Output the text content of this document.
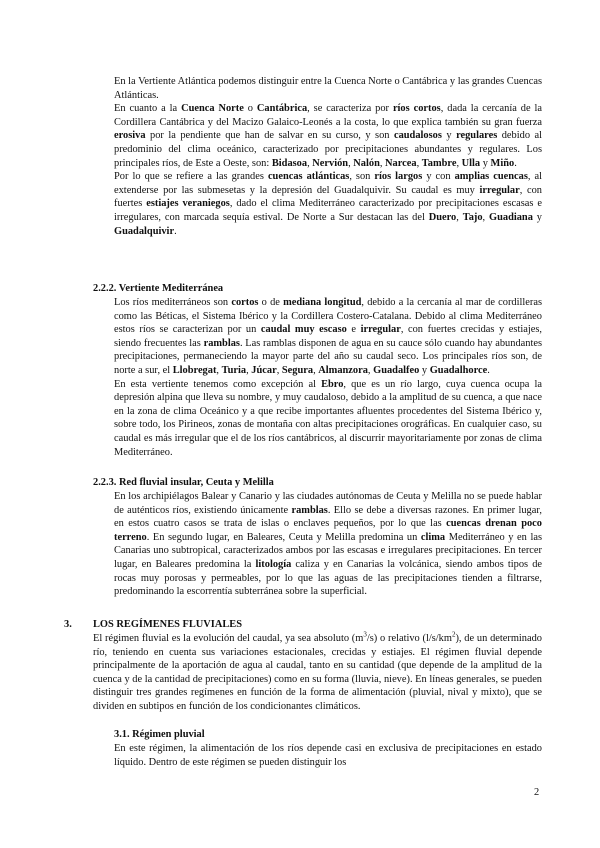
En la Vertiente Atlántica podemos distinguir entre la Cuenca Norte o Cantábrica y las grandes Cuencas Atlánticas.

En cuanto a la Cuenca Norte o Cantábrica, se caracteriza por ríos cortos, dada la cercanía de la Cordillera Cantábrica y del Macizo Galaico-Leonés a la costa, lo que explica también su gran fuerza erosiva por la pendiente que han de salvar en su curso, y son caudalosos y regulares debido al predominio del clima oceánico, caracterizado por precipitaciones abundantes y regulares. Los principales ríos, de Este a Oeste, son: Bidasoa, Nervión, Nalón, Narcea, Tambre, Ulla y Miño.

Por lo que se refiere a las grandes cuencas atlánticas, son ríos largos y con amplias cuencas, al extenderse por las submesetas y la depresión del Guadalquivir. Su caudal es muy irregular, con fuertes estiajes veraniegos, dado el clima Mediterráneo caracterizado por precipitaciones escasas e irregulares, con marcada sequía estival. De Norte a Sur destacan las del Duero, Tajo, Guadiana y Guadalquivir.

2.2.2. Vertiente Mediterránea

Los ríos mediterráneos son cortos o de mediana longitud, debido a la cercanía al mar de cordilleras como las Béticas, el Sistema Ibérico y la Cordillera Costero-Catalana. Debido al clima Mediterráneo estos ríos se caracterizan por un caudal muy escaso e irregular, con fuertes crecidas y estiajes, siendo frecuentes las ramblas. Las ramblas disponen de agua en su cauce sólo cuando hay abundantes precipitaciones, permaneciendo la mayor parte del año su caudal seco. Los principales ríos son, de norte a sur, el Llobregat, Turia, Júcar, Segura, Almanzora, Guadalfeo y Guadalhorce.

En esta vertiente tenemos como excepción al Ebro, que es un río largo, cuya cuenca ocupa la depresión alpina que lleva su nombre, y muy caudaloso, debido a la amplitud de su cuenca, a que nace en la zona de clima Oceánico y a que recibe importantes afluentes procedentes del Sistema Ibérico y, sobre todo, los Pirineos, zonas de montaña con altas precipitaciones orográficas. En cualquier caso, su caudal es más irregular que el de los ríos cantábricos, al discurrir mayoritariamente por zonas de clima Mediterráneo.

2.2.3. Red fluvial insular, Ceuta y Melilla

En los archipiélagos Balear y Canario y las ciudades autónomas de Ceuta y Melilla no se puede hablar de auténticos ríos, existiendo únicamente ramblas. Ello se debe a diversas razones. En primer lugar, en estos cuatro casos se trata de islas o enclaves pequeños, por lo que las cuencas drenan poco terreno. En segundo lugar, en Baleares, Ceuta y Melilla predomina un clima Mediterráneo y en las Canarias uno subtropical, caracterizados ambos por las escasas e irregulares precipitaciones. En tercer lugar, en Baleares predomina la litología caliza y en Canarias la volcánica, siendo ambos tipos de rocas muy porosas y permeables, por lo que las aguas de las precipitaciones tienden a filtrarse, predominando la escorrentía subterránea sobre la superficial.

3. LOS REGÍMENES FLUVIALES

El régimen fluvial es la evolución del caudal, ya sea absoluto $(m^3/s)$ o relativo $(l/s/km^2)$, de un determinado río, teniendo en cuenta sus variaciones estacionales, crecidas y estiajes. El régimen fluvial depende principalmente de la aportación de agua al caudal, tanto en su cantidad (que depende de la amplitud de la cuenca y de la cantidad de precipitaciones) como en su forma (lluvia, nieve). En líneas generales, se pueden distinguir tres grandes regímenes en función de la forma de alimentación (pluvial, nival y mixto), que se dividen en subtipos en función de los condicionantes climáticos.

3.1. Régimen pluvial

En este régimen, la alimentación de los ríos depende casi en exclusiva de precipitaciones en estado líquido. Dentro de este régimen se pueden distinguir los

2
